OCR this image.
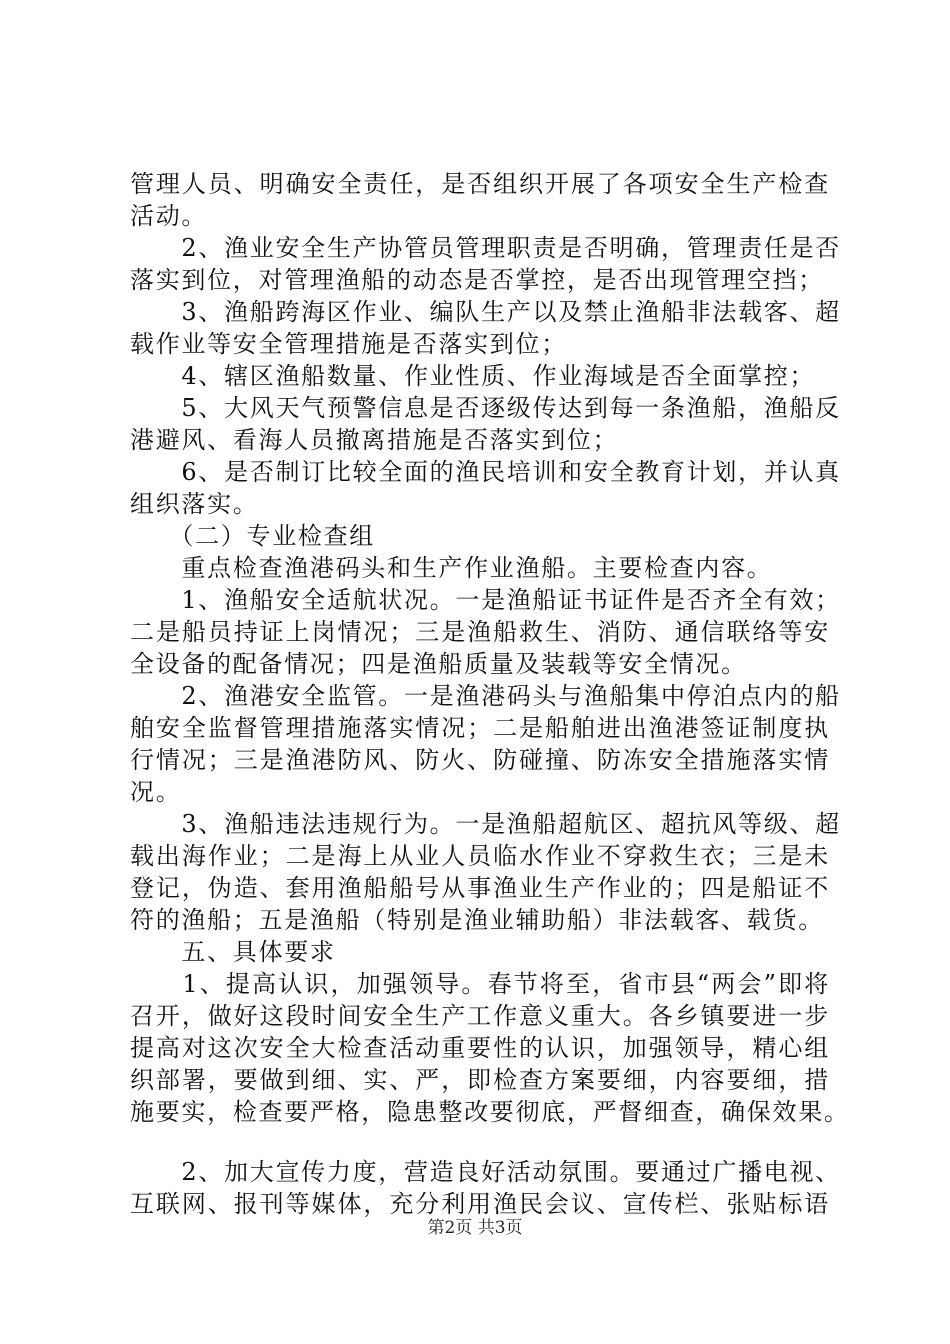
管理人员、明确安全责任，是否组织开展了各项安全生产检查
活动。
　　2、渔业安全生产协管员管理职责是否明确，管理责任是否
落实到位，对管理渔船的动态是否掌控，是否出现管理空挡；
　　3、渔船跨海区作业、编队生产以及禁止渔船非法载客、超
载作业等安全管理措施是否落实到位；
　　4、辖区渔船数量、作业性质、作业海域是否全面掌控；
　　5、大风天气预警信息是否逐级传达到每一条渔船，渔船反
港避风、看海人员撤离措施是否落实到位；
　　6、是否制订比较全面的渔民培训和安全教育计划，并认真
组织落实。
　　（二）专业检查组
　　重点检查渔港码头和生产作业渔船。主要检查内容。
　　1、渔船安全适航状况。一是渔船证书证件是否齐全有效；
二是船员持证上岗情况；三是渔船救生、消防、通信联络等安
全设备的配备情况；四是渔船质量及装载等安全情况。
　　2、渔港安全监管。一是渔港码头与渔船集中停泊点内的船
舶安全监督管理措施落实情况；二是船舶进出渔港签证制度执
行情况；三是渔港防风、防火、防碰撞、防冻安全措施落实情
况。
　　3、渔船违法违规行为。一是渔船超航区、超抗风等级、超
载出海作业；二是海上从业人员临水作业不穿救生衣；三是未
登记，伪造、套用渔船船号从事渔业生产作业的；四是船证不
符的渔船；五是渔船（特别是渔业辅助船）非法载客、载货。
　　五、具体要求
　　1、提高认识，加强领导。春节将至，省市县“两会”即将
召开，做好这段时间安全生产工作意义重大。各乡镇要进一步
提高对这次安全大检查活动重要性的认识，加强领导，精心组
织部署，要做到细、实、严，即检查方案要细，内容要细，措
施要实，检查要严格，隐患整改要彻底，严督细查，确保效果。
　　2、加大宣传力度，营造良好活动氛围。要通过广播电视、
互联网、报刊等媒体，充分利用渔民会议、宣传栏、张贴标语
第2页 共3页
